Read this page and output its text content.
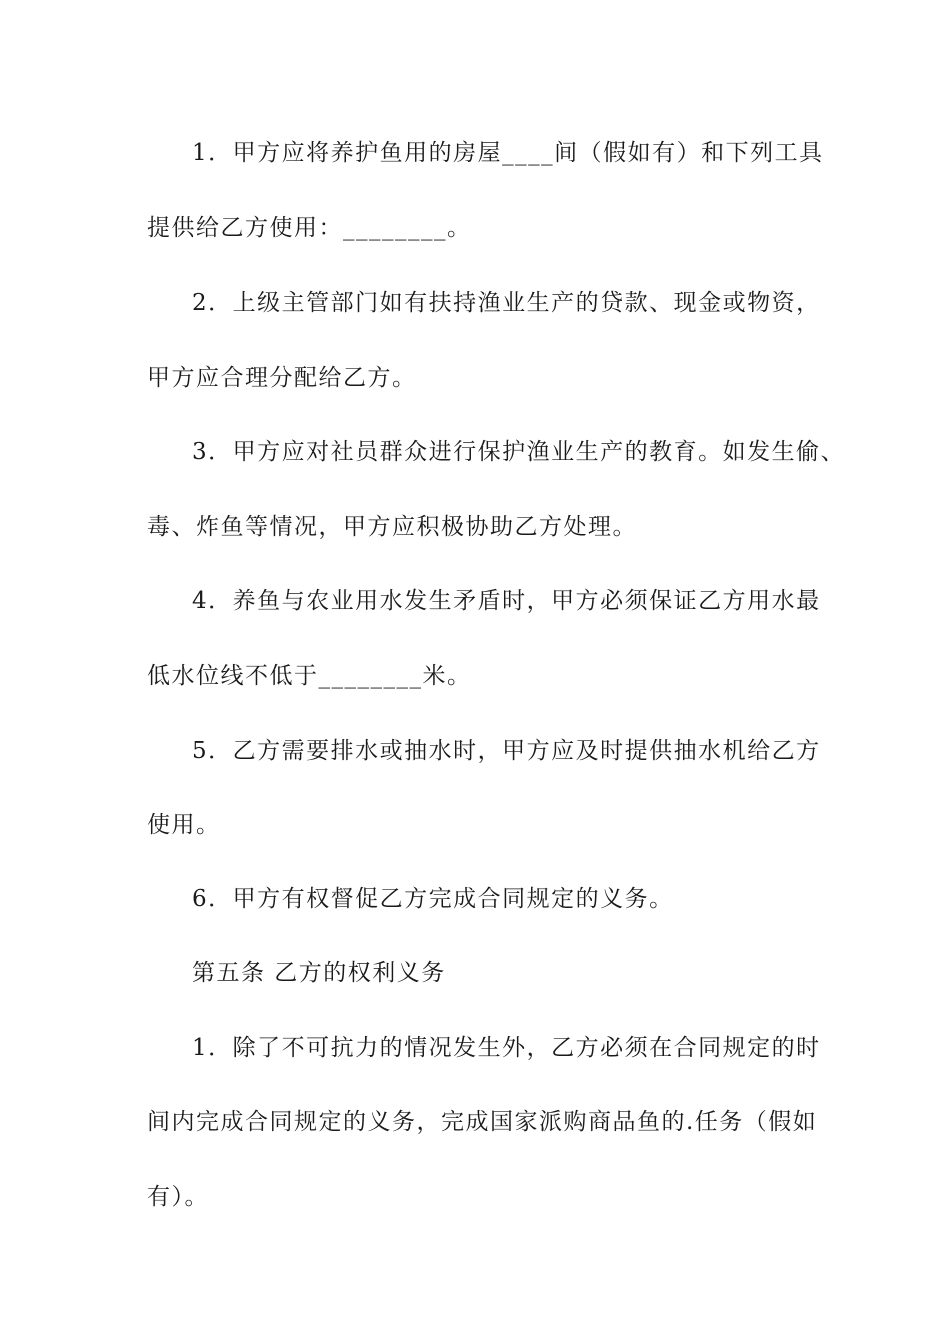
1．甲方应将养护鱼用的房屋____间（假如有）和下列工具
提供给乙方使用：________。
2．上级主管部门如有扶持渔业生产的贷款、现金或物资，
甲方应合理分配给乙方。
3．甲方应对社员群众进行保护渔业生产的教育。如发生偷、
毒、炸鱼等情况，甲方应积极协助乙方处理。
4．养鱼与农业用水发生矛盾时，甲方必须保证乙方用水最
低水位线不低于________米。
5．乙方需要排水或抽水时，甲方应及时提供抽水机给乙方
使用。
6．甲方有权督促乙方完成合同规定的义务。
第五条 乙方的权利义务
1．除了不可抗力的情况发生外，乙方必须在合同规定的时
间内完成合同规定的义务，完成国家派购商品鱼的.任务（假如
有）。
